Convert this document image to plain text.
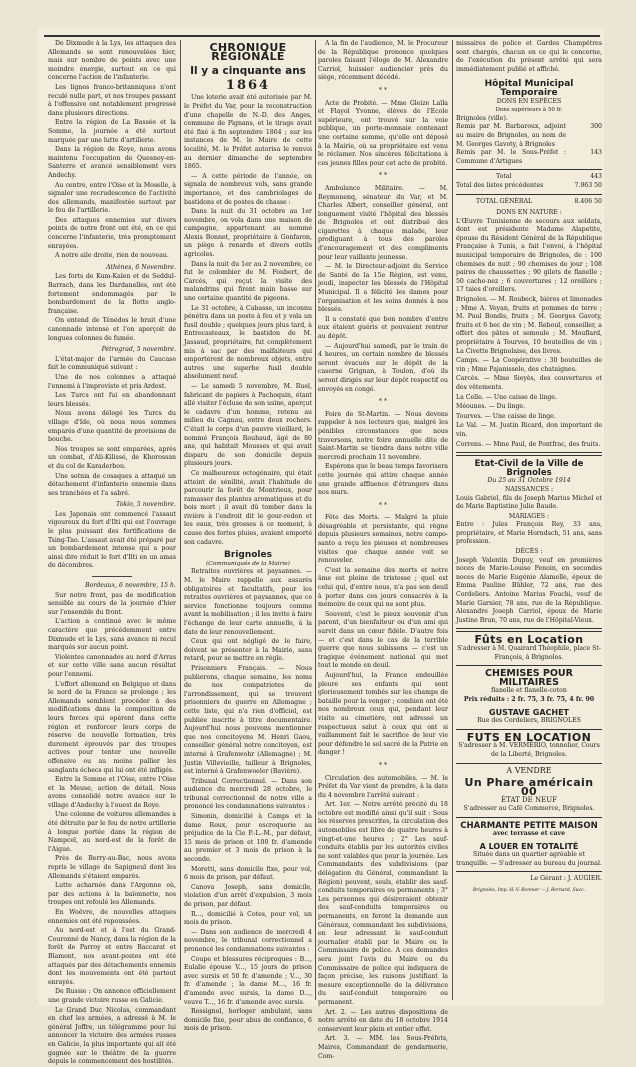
De Dixmude à la Lys, les attaques des Allemands se sont renouvelées hier, mais sur nombre de points avec une moindre énergie, surtout en ce qui concerne l'action de l'infanterie.

Les lignes franco-britanniques n'ont reculé nulle part, et nos troupes passant à l'offensive ont notablement progressé dans plusieurs directions.

Entre la région de La Bassée et la Somme, la journée a été surtout marquée par une lutte d'artillerie.

Dans la région de Roye, nous avons maintenu l'occupation de Quesnoy-en-Santerre et avancé sensiblement vers Andechy.

Au centre, entre l'Oise et la Moselle, à signaler une recrudescence de l'activité des allemands, manifestée surtout par le feu de l'artillerie.

Des attaques ennemies sur divers points de notre front ont été, en ce qui concerne l'infanterie, très promptement enrayées.

A notre aile droite, rien de nouveau.

Athènes, 6 Novembre.

Les forts de Kum-Kalen et de Seddul-Barrach, dans les Dardanelles, ont été fortement endommagés par le bombardement de la flotte anglo-française.

On entend de Ténédos le bruit d'une canonnade intense et l'on aperçoit de longues colonnes de fumée.

Pétrograd, 5 novembre.

L'état-major de l'armée du Caucase fait le communiqué suivant :

Une de nos colonnes a attaqué l'ennemi à l'improviste et pris Ardost.

Les Turcs ont fui en abandonnant leurs blessés.

Nous avons délogé les Turcs du village d'Ide, où nous nous sommes emparés d'une quantité de provisions de bouche.

Nos troupes se sont emparées, après un combat, d'Ali-Kilissé, de Khorossan et du col de Karaderbou.

Une sotnia de cosaques a attaqué un détachement d'infanterie ennemie dans ses tranchées et l'a sabré.

Tokio, 5 novembre.

Les Japonais ont commencé l'assaut vigoureux du fort d'Ilti qui est l'ouvrage le plus puissant des fortifications de Tsing-Tao. L'assaut avait été préparé par un bombardement intense qui a pour ainsi dire réduit le fort d'Ilti en un amas de décombres.

Bordeaux, 6 novembre, 15 h.

Sur notre front, pas de modification sensible au cours de la journée d'hier sur l'ensemble du front.

L'action a continué avec le même caractère que précédemment entre Dixmude et la Lys, sans avance ni recul marqués sur aucun point.

Violentes canonnades au nord d'Arras et sur cette ville sans aucun résultat pour l'ennemi.

L'effort allemand en Belgique et dans le nord de la France se prolonge ; les Allemands semblent procéder à des modifications dans la composition de leurs forces qui opèrent dans cette région et renforcer leurs corps de réserve de nouvelle formation, très durement éprouvés par des troupes actives pour tenter une nouvelle offensive ou au moins pallier les sanglants échecs qui lui ont été infligés.

Entre la Somme et l'Oise, entre l'Oise et la Meuse, action de détail. Nous avons consolidé notre avance sur le village d'Andechy à l'ouest de Roye.

Une colonne de voitures allemandes a été détruite par le feu de notre artillerie à longue portée dans la région de Nampcel, au nord-est de la forêt de l'Aigue.

Près de Berry-au-Bac, nous avons repris le village de Sapigneul dont les Allemands s'étaient emparés.

Lutte acharnée dans l'Argonne où, par des actions à la baïonnette, nos troupes ont refoulé les Allemands.

En Woëvre, de nouvelles attaques ennemies ont été repoussées.

Au nord-est et à l'est du Grand-Couronné de Nancy, dans la région de la forêt de Parroy et entre Baccarat et Blamont, nos avant-postes ont été attaqués par des détachements ennemis dont les mouvements ont été partout enrayés.

De Russie : On annonce officiellement une grande victoire russe en Galicie.

Le Grand Duc Nicolas, commandant en chef les armées, a adressé à M. le général Joffre, un télégramme pour lui annoncer la victoire des armées russes en Galicie, la plus importante qui ait été gagnée sur le théâtre de la guerre depuis le commencement des hostilités.

CHRONIQUE RÉGIONALE
Il y a cinquante ans
1864

Une loterie avait été autorisée par M. le Préfet du Var, pour la reconstruction d'une chapelle de N.-D. des Anges, commune de Pignans, et le tirage avait été fixé à fin septembre 1864 ; sur les instances de M. le Maire de cette localité, M. le Préfet autorisa le renvoi au dernier dimanche de septembre 1865.

— A cette période de l'année, on signala de nombreux vols, sans grande importance, et des cambriolages de bastidons et de postes de chasse :

Dans la nuit du 31 octobre au 1er novembre, on vola dans une maison de campagne, appartenant au nommé Alexis Bonnet, propriétaire à Gonfaron, un piège à renards et divers outils agricoles.

Dans la nuit du 1er au 2 novembre, ce fut le colombier de M. Foubert, de Carcès, qui reçut la visite des malandrins qui firent main basse sur une certaine quantité de pigeons.

Le 31 octobre, à Cabasse, un inconnu pénétra dans un poste à feu et y vola un fusil double ; quelques jours plus tard, à Entrecasteaux, le bastidon de M. Jassaud, propriétaire, fut complètement mis à sac par des malfaiteurs qui emportèrent de nombreux objets, entre autres une superbe fusil double absolument neuf.

— Le samedi 5 novembre, M. Ruel, fabricant de papiers à Pachoquin, étant allé visiter l'écluse de son usine, aperçut le cadavre d'un homme, retenu au milieu du Cagnau, entre deux rochers. C'était le corps d'un pauvre vieillard, le nommé François Rouhaud, âgé de 80 ans, qui habitait Mousses et qui avait disparu de son domicile depuis plusieurs jours.

Ce malheureux octogénaire, qui était atteint de sénilité, avait l'habitude de parcourir la forêt de Montrieux, pour ramasser des plantes aromatiques et du bois mort ; il avait dû tomber dans la rivière à l'endroit dit le gour-redon et les eaux, très grosses à ce moment, à cause des fortes pluies, avaient emporté son cadavre.

Brignoles
(Communiqués de la Mairie)

Retraites ouvrières et paysannes. — M. le Maire rappelle aux assurés obligatoires et facultatifs, pour les retraites ouvrières et paysannes, que ce service fonctionne toujours comme avant la mobilisation ; il les invite à faire l'échange de leur carte annuelle, à la date de leur renouvellement.

Ceux qui ont négligé de le faire, doivent se présenter à la Mairie, sans retard, pour se mettre en règle.

Prisonniers Français. — Nous publierons, chaque semaine, les noms de nos compatriotes de l'arrondissement, qui se trouvent prisonniers de guerre en Allemagne ; cette liste, qui n'a rien d'officiel, est publiée inscrite à titre documentaire. Aujourd'hui nous pouvons mentionner que nos concitoyens M. Henri Gaou, conseiller général notre concitoyen, est interné à Grafenwohr (Allemagne) ; M. Justin Villevieille, tailleur à Brignoles, est interné à Grafenwoeler (Bavière).

Tribunal Correctionnel. — Dans son audience du mercredi 28 octobre, le tribunal correctionnel de notre ville a prononcé les condamnations suivantes :

Simonin, domicilié à Camps et la dame Roux, pour escroquerie au préjudice de la Cie P.-L.-M., par défaut, 15 mois de prison et 100 fr. d'amende au premier et 3 mois de prison à la seconde.

Moretti, sans domicile fixe, pour vol, 6 mois de prison, par défaut.

Canova Joseph, sans domicile, violation d'un arrêt d'expulsion, 3 mois de prison, par défaut.

R..., domicilié à Cotes, pour vol, un mois de prison.

— Dans son audience de mercredi 4 novembre, le tribunal correctionnel a prononcé les condamnations suivantes :

Coupe et blessures réciproques : B..., Eulalie épouse V..., 15 jours de prison avec sursis et 50 fr. d'amende ; V..., 30 fr. d'amende ; la dame M..., 16 fr. d'amende avec sursis, la dame D..., veuve T..., 16 fr. d'amende avec sursis.

Rossignol, horloger ambulant, sans domicile fixe, pour abus de confiance, 6 mois de prison.

A la fin de l'audience, M. le Procureur de la République prononce quelques paroles faisant l'éloge de M. Alexandre Carriol, huissier audiencier près du siège, récemment décédé.

* *

Acte de Probité. — Mme Gleize Laïla et Flayol Yvonne, élèves de l'Ecole supérieure, ont trouvé sur la voie publique, un porte-monnaie contenant une certaine somme, qu'elle ont déposé à la Mairie, où sa propriétaire est venu le réclamer. Nos sincères félicitations à ces jeunes filles pour cet acte de probité.

* *

Ambulance Militaire. — M. Reymonenq, sénateur du Var, et M. Charles Albert, conseiller général, ont longuement visité l'hôpital des blessés de Brignoles et ont distribué des cigarettes à chaque malade, leur prodiguant à tous des paroles d'encouragement et des compliments pour leur vaillante jeunesse.

— M. le Directeur-adjoint du Service de Santé de la 15e Région, est venu, jeudi, inspecter les blessés de l'Hôpital Municipal. Il a félicité les dames pour l'organisation et les soins donnés à nos blessés.

Il a constaté que bon nombre d'entre eux étaient guéris et pouvaient rentrer au dépôt.

— Aujourd'hui samedi, par le train de 4 heures, un certain nombre de blessés seront évacués sur le dépôt de la caserne Grignan, à Toulon, d'où ils seront dirigés sur leur dépôt respectif ou envoyés en congé.

* *

Foire de St-Martin. — Nous devons rappeler à nos lecteurs que, malgré les pénibles circonstances que nous traversons, notre foire annuelle dite de Saint-Martin se tiendra dans notre ville mercredi prochain 11 novembre.

Espérons que le beau temps favorisera cette journée qui attire chaque année une grande affluence d'étrangers dans nos murs.

* *

Fête des Morts. — Malgré la pluie désagréable et persistante, qui règne depuis plusieurs semaines, notre campo-santo a reçu les pieuses et nombreuses visites que chaque année voit se renouveler.

C'est la semaine des morts et notre âme est pleine de tristesse ; quel est celui qui, d'entre nous, n'a pas son deuil à porter dans ces jours consacrés à la mémoire de ceux qui ne sont plus.

Souvent, c'est le pieux souvenir d'un parent, d'un bienfaiteur ou d'un ami qui survit dans un cœur fidèle. D'autre fois — et c'est dans le cas de la terrible guerre que nous subissons — c'est un tragique événement national qui met tout le monde en deuil.

Aujourd'hui, la France endeuillée pleure ses enfants qui sont glorieusement tombés sur les champs de bataille pour la venger ; combien ont été nos nombreux ceux qui, pendant leur visite au cimetière, ont adressé un respectueux salut à ceux qui ont si vaillamment fait le sacrifice de leur vie pour défendre le sol sacré de la Patrie en danger !

* *

Circulation des automobiles. — M. le Préfet du Var vient de prendre, à la date du 4 novembre l'arrêté suivant :

Art. 1er. — Notre arrêté précité du 18 octobre est modifié ainsi qu'il suit : Sous les réserves prescrites, la circulation des automobiles est libre de quatre heures à vingt-et-une heures ; 2° Les sauf-conduits établis par les autorités civiles ne sont valables que pour la journée. Les Commandants des subdivisions (par délégation du Général, commandant la Région) peuvent, seuls, établir des sauf-conduits temporaires ou permanents ; 3° Les personnes qui désireraient obtenir des sauf-conduits temporaires ou permanents, en feront la demande aux Généraux, commandant les subdivisions, en leur adressant le sauf-conduit journalier établi par le Maire ou le Commissaire de police. A ces demandes sera joint l'avis du Maire ou du Commissaire de police qui indiquera de façon précise, les raisons justifiant la mesure exceptionnelle de la délivrance du sauf-conduit temporaire ou permanent.

Art. 2. — Les autres dispositions de notre arrêté en date du 18 octobre 1914 conservent leur plein et entier effet.

Art. 3. — MM. les Sous-Préfets, Maires, Commandant de gendarmerie, Com-

missaires de police et Gardes Champêtres sont chargés, chacun en ce qui le concerne, de l'exécution du présent arrêté qui sera immédiatement publié et affiché.

Hôpital Municipal Temporaire
DONS EN ESPÈCES
Dons supérieurs à 50 fr.
Brignoles (ville).
Remis par M. Barbaroux, adjoint au maire de Brignoles, au nom de M. Georges Gavoty, à Brignoles
300
Remis par M. le Sous-Préfet : Commune d'Artigues
143
Total	443
Total des listes précédentes	7.963 50
TOTAL GÉNÉRAL	8.406 50
DONS EN NATURE :

L'Œuvre Tunisienne de secours aux soldats, dont est présidente Madame Alapetite, épouse du Résident Général de la République Française à Tunis, a fait l'envoi, à l'hôpital municipal temporaire de Brignoles, de : 100 chemises de nuit ; 90 chemises de jour ; 108 paires de chaussettes ; 90 gilets de flanelle ; 50 cache-nez ; 6 couvertures ; 12 oreillers ; 17 taies d'oreillers.

Brignoles. — M. Roubeck, bières et limonades ; Mme A. Veyan, fruits et pommes de terre ; M. Paul Bondis, fruits ; M. Georges Gavoty, fruits et 6 bec de vin ; M. Reboul, conseiller, a offert des pâtes et semoule ; M. Mouflard, propriétaire à Tourves, 10 bouteilles de vin ; La Civette Brignolaise, des livres.

Camps. — La Coopérative : 30 bouteilles de vin ; Mme Pajanissele, des chataignes.

Carcès. — Mme Sieyès, des couvertures et des vêtements.

La Celle. — Une caisse de linge.

Méounes. — Du linge.

Tourves. — Une caisse de linge.

Le Val. — M. Justin Ricard, don important de vin.

Correns. — Mme Paul, de Pontfrac, des fruits.

Etat-Civil de la Ville de Brignoles
Du 25 au 31 Octobre 1914
NAISSANCES :

Louis Gabriel, fils de Joseph Marius Michel et de Marie Baptistine Julie Baude.

MARIAGES :

Entre : Jules François Rey, 33 ans, propriétaire, et Marie Horndsch, 51 ans, sans profession.

DÉCÈS :

Joseph Valentin Dupuy, veuf en premières noces de Marie-Louise Penoin, en secondes noces de Marie Eugénie Alamelle, époux de Emma Pauline Bühler, 72 ans, rue des Cordeliers. Antoine Marius Fouchi, veuf de Marie Garnier, 78 ans, rue de la République. Alexandre Joseph Carriol, époux de Marie Justine Brun, 70 ans, rue de l'Hôpital-Vieux.

Fûts en Location
S'adresser à M. Quairard Théophile, place St-François, à Brignoles.
CHEMISES POUR MILITAIRES
flanelle et flanelle-coton
Prix réduits : 2 fr. 75, 3 fr. 75, 4 fr. 90
GUSTAVE GACHET
Rue des Cordeliers, BRIGNOLES
FUTS EN LOCATION
S'adresser à M. VERMÉRIO, tonnelier, Cours de la Liberté, Brignoles.
A VENDRE
Un Phare américain 00
ÉTAT DE NEUF
S'adresser au Café Commerce, Brignoles.
CHARMANTE PETITE MAISON
avec terrasse et cave
A LOUER EN TOTALITÉ
Située dans un quartier agréable et tranquille. — S'adresser au bureau du journal.
Le Gérant : J. AUGIER.
Brignoles, Imp. H.-V. Bonnier — J. Bernard, Succ.
